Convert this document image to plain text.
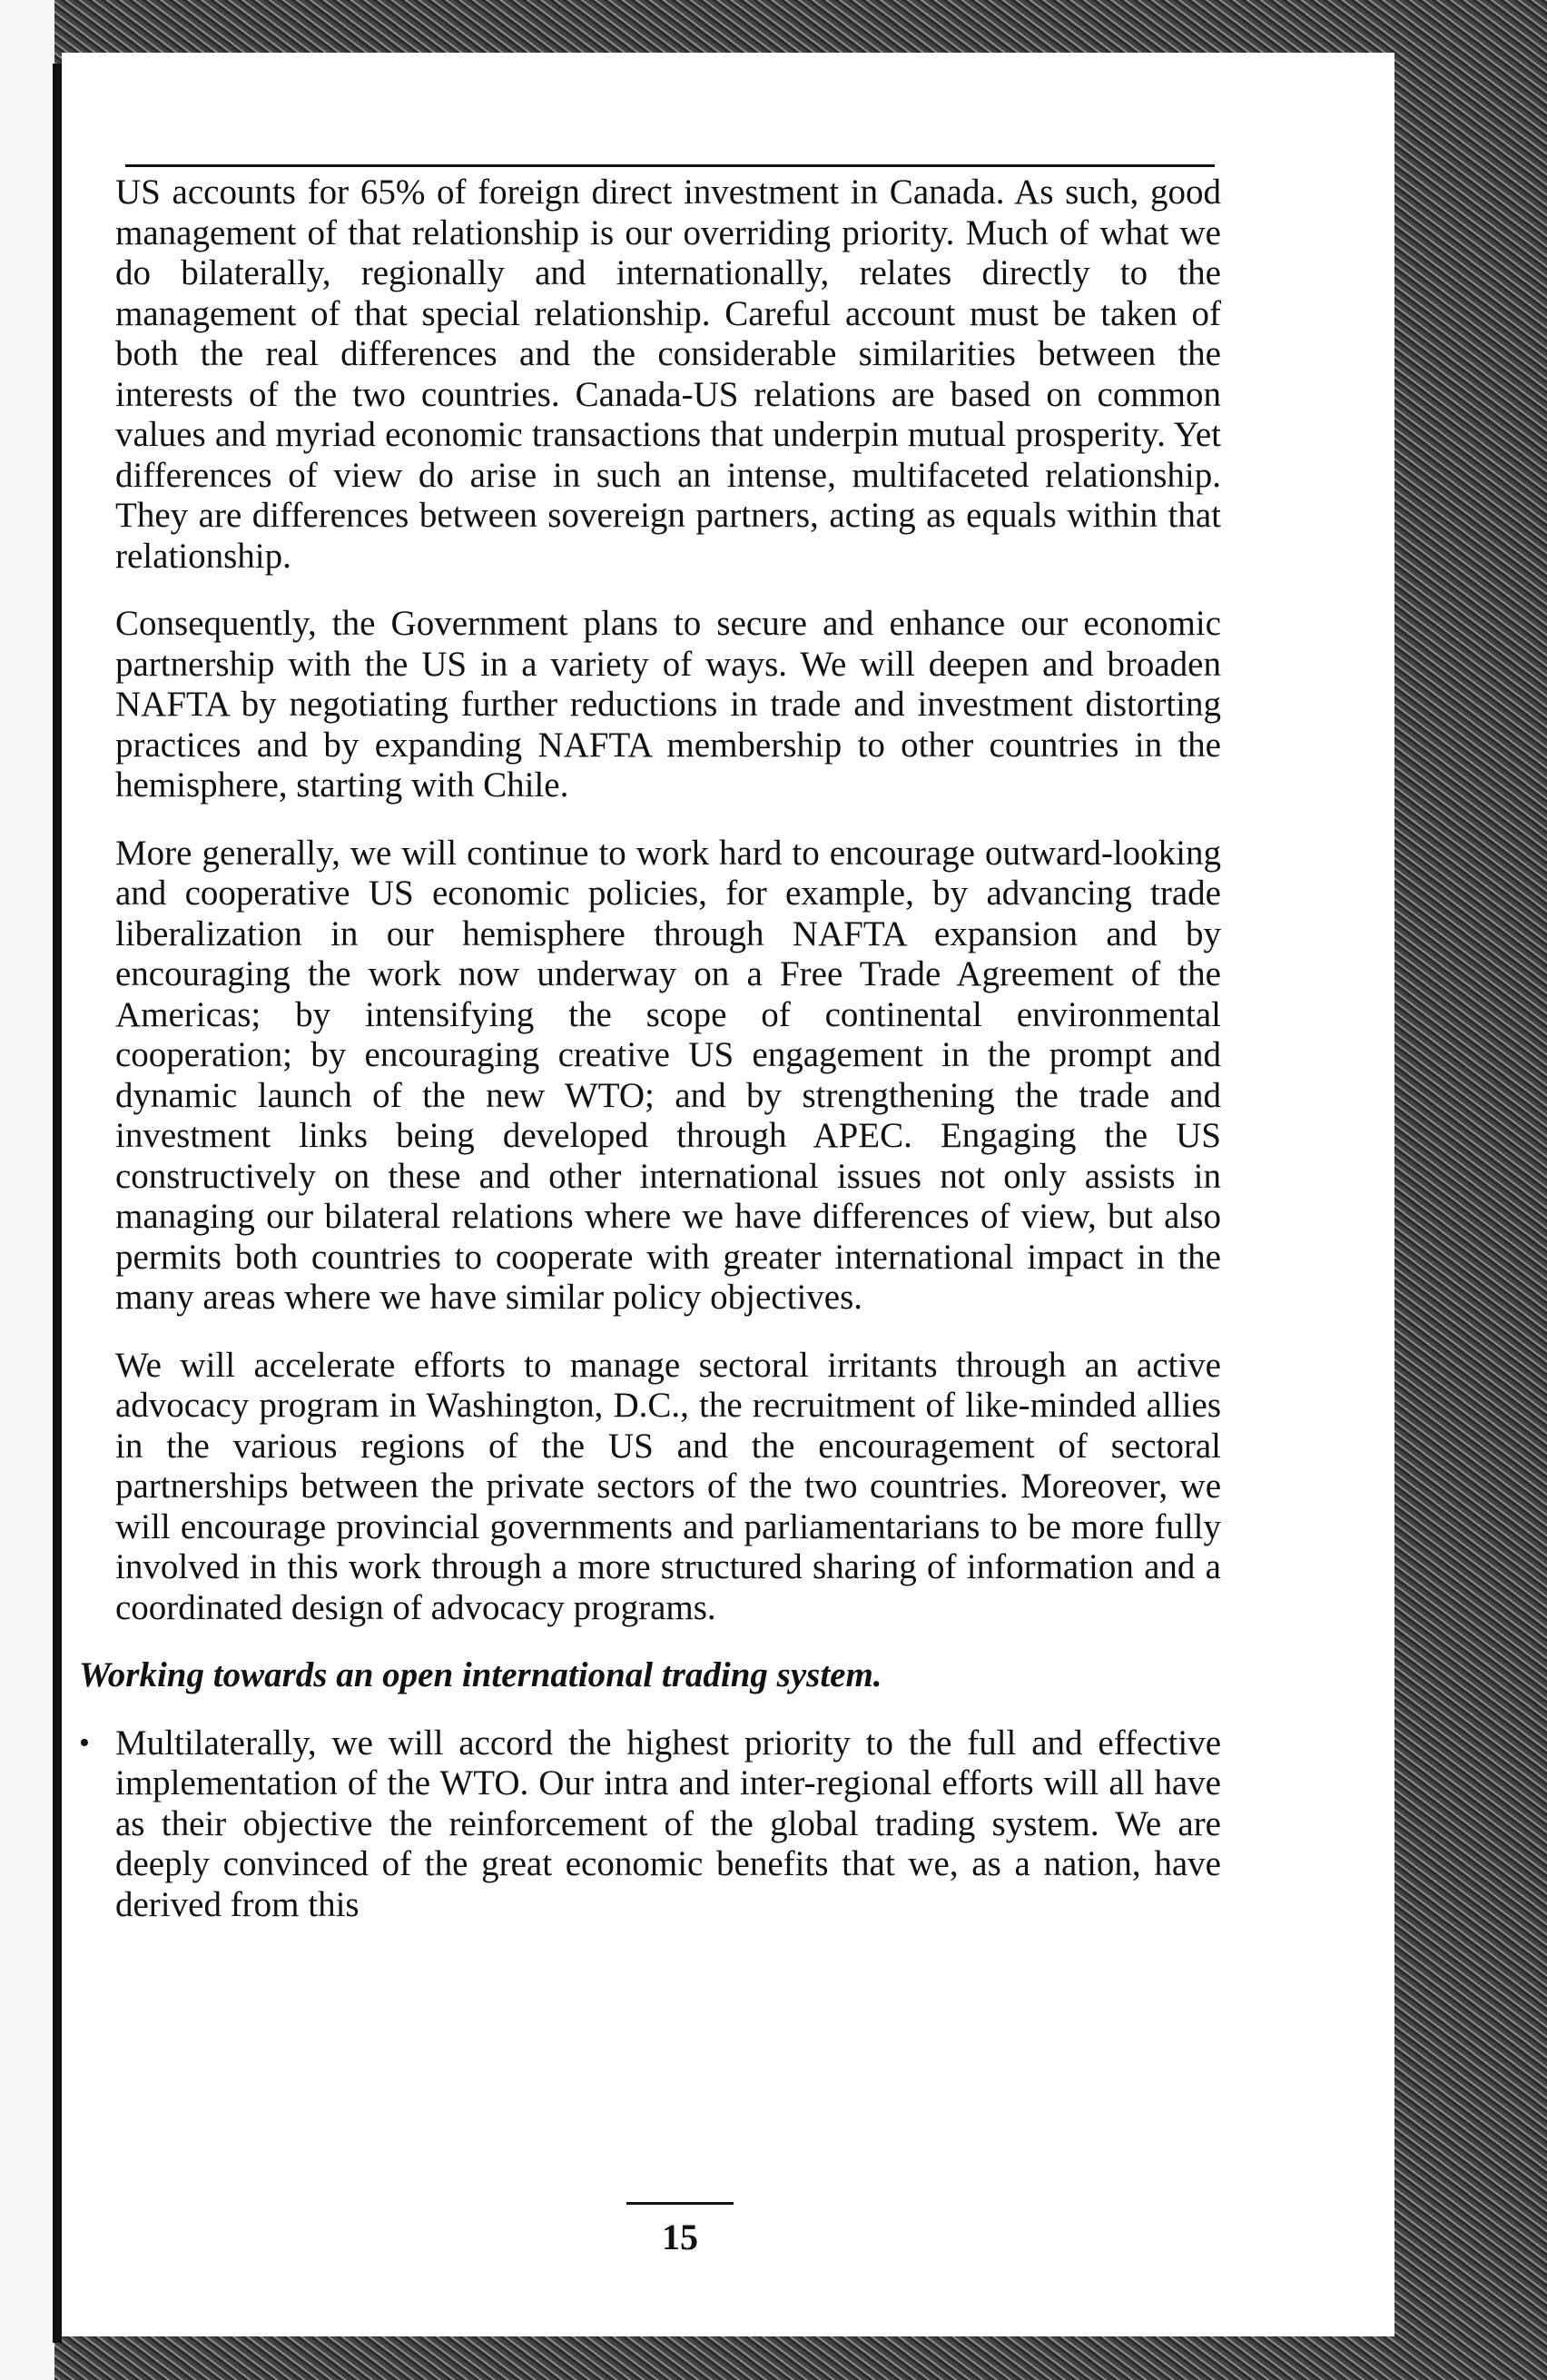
US accounts for 65% of foreign direct investment in Canada. As such, good management of that relationship is our overriding priority. Much of what we do bilaterally, regionally and internationally, relates directly to the management of that special relationship. Careful account must be taken of both the real differences and the considerable similarities between the interests of the two countries. Canada-US relations are based on common values and myriad economic transactions that underpin mutual prosperity. Yet differences of view do arise in such an intense, multifaceted relationship. They are differences between sovereign partners, acting as equals within that relationship.

Consequently, the Government plans to secure and enhance our economic partnership with the US in a variety of ways. We will deepen and broaden NAFTA by negotiating further reductions in trade and investment distorting practices and by expanding NAFTA membership to other countries in the hemisphere, starting with Chile.

More generally, we will continue to work hard to encourage outward-looking and cooperative US economic policies, for example, by advancing trade liberalization in our hemisphere through NAFTA expansion and by encouraging the work now underway on a Free Trade Agreement of the Americas; by intensifying the scope of continental environmental cooperation; by encouraging creative US engagement in the prompt and dynamic launch of the new WTO; and by strengthening the trade and investment links being developed through APEC. Engaging the US constructively on these and other international issues not only assists in managing our bilateral relations where we have differences of view, but also permits both countries to cooperate with greater international impact in the many areas where we have similar policy objectives.

We will accelerate efforts to manage sectoral irritants through an active advocacy program in Washington, D.C., the recruitment of like-minded allies in the various regions of the US and the encouragement of sectoral partnerships between the private sectors of the two countries. Moreover, we will encourage provincial governments and parliamentarians to be more fully involved in this work through a more structured sharing of information and a coordinated design of advocacy programs.

Working towards an open international trading system.

• Multilaterally, we will accord the highest priority to the full and effective implementation of the WTO. Our intra and inter-regional efforts will all have as their objective the reinforcement of the global trading system. We are deeply convinced of the great economic benefits that we, as a nation, have derived from this
15
